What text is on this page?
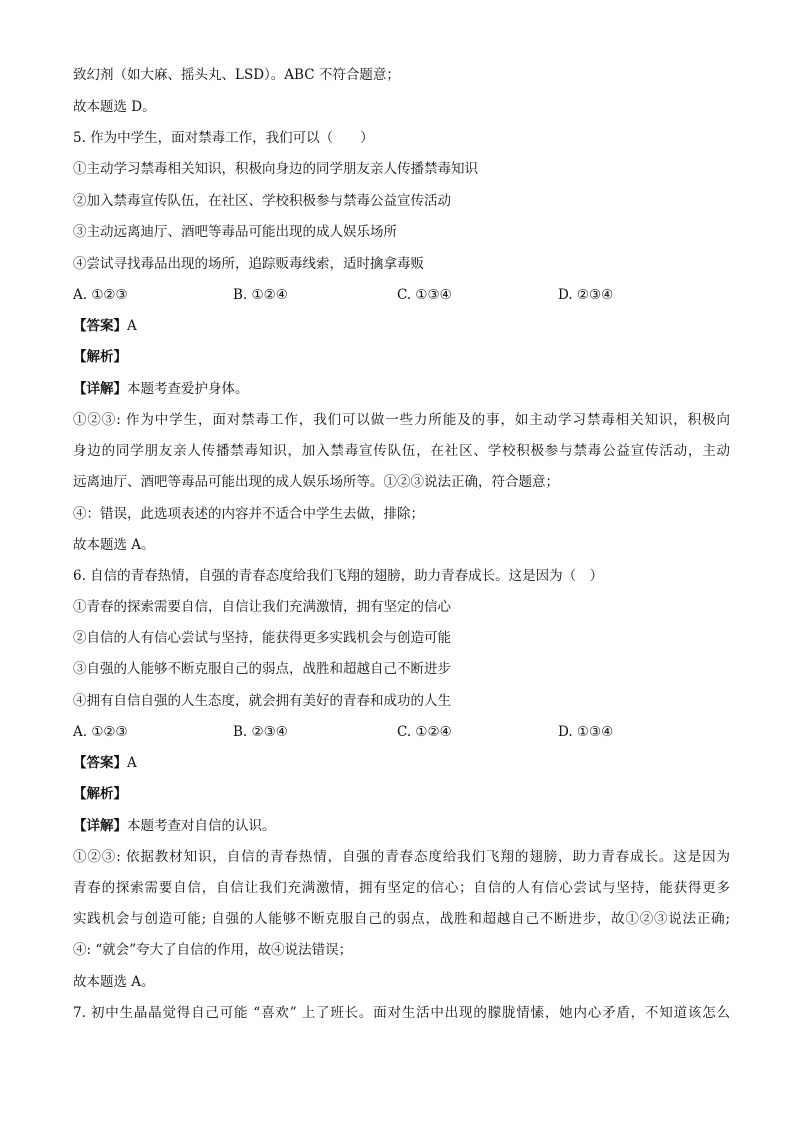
致幻剂（如大麻、摇头丸、LSD）。ABC 不符合题意；
故本题选 D。
5. 作为中学生，面对禁毒工作，我们可以（　　）
①主动学习禁毒相关知识，积极向身边的同学朋友亲人传播禁毒知识
②加入禁毒宣传队伍，在社区、学校积极参与禁毒公益宣传活动
③主动远离迪厅、酒吧等毒品可能出现的成人娱乐场所
④尝试寻找毒品出现的场所，追踪贩毒线索，适时擒拿毒贩
A. ①②③	B. ①②④	C. ①③④	D. ②③④
【答案】A
【解析】
【详解】本题考查爱护身体。
①②③: 作为中学生，面对禁毒工作，我们可以做一些力所能及的事，如主动学习禁毒相关知识，积极向
身边的同学朋友亲人传播禁毒知识，加入禁毒宣传队伍，在社区、学校积极参与禁毒公益宣传活动，主动
远离迪厅、酒吧等毒品可能出现的成人娱乐场所等。①②③说法正确，符合题意；
④：错误，此选项表述的内容并不适合中学生去做，排除；
故本题选 A。
6. 自信的青春热情，自强的青春态度给我们飞翔的翅膀，助力青春成长。这是因为（　）
①青春的探索需要自信，自信让我们充满激情，拥有坚定的信心
②自信的人有信心尝试与坚持，能获得更多实践机会与创造可能
③自强的人能够不断克服自己的弱点，战胜和超越自己不断进步
④拥有自信自强的人生态度，就会拥有美好的青春和成功的人生
A. ①②③	B. ②③④	C. ①②④	D. ①③④
【答案】A
【解析】
【详解】本题考查对自信的认识。
①②③: 依据教材知识，自信的青春热情，自强的青春态度给我们飞翔的翅膀，助力青春成长。这是因为
青春的探索需要自信，自信让我们充满激情，拥有坚定的信心；自信的人有信心尝试与坚持，能获得更多
实践机会与创造可能; 自强的人能够不断克服自己的弱点，战胜和超越自己不断进步，故①②③说法正确;
④: “就会”夸大了自信的作用，故④说法错误；
故本题选 A。
7. 初中生晶晶觉得自己可能 “喜欢” 上了班长。面对生活中出现的朦胧情愫，她内心矛盾，不知道该怎么
